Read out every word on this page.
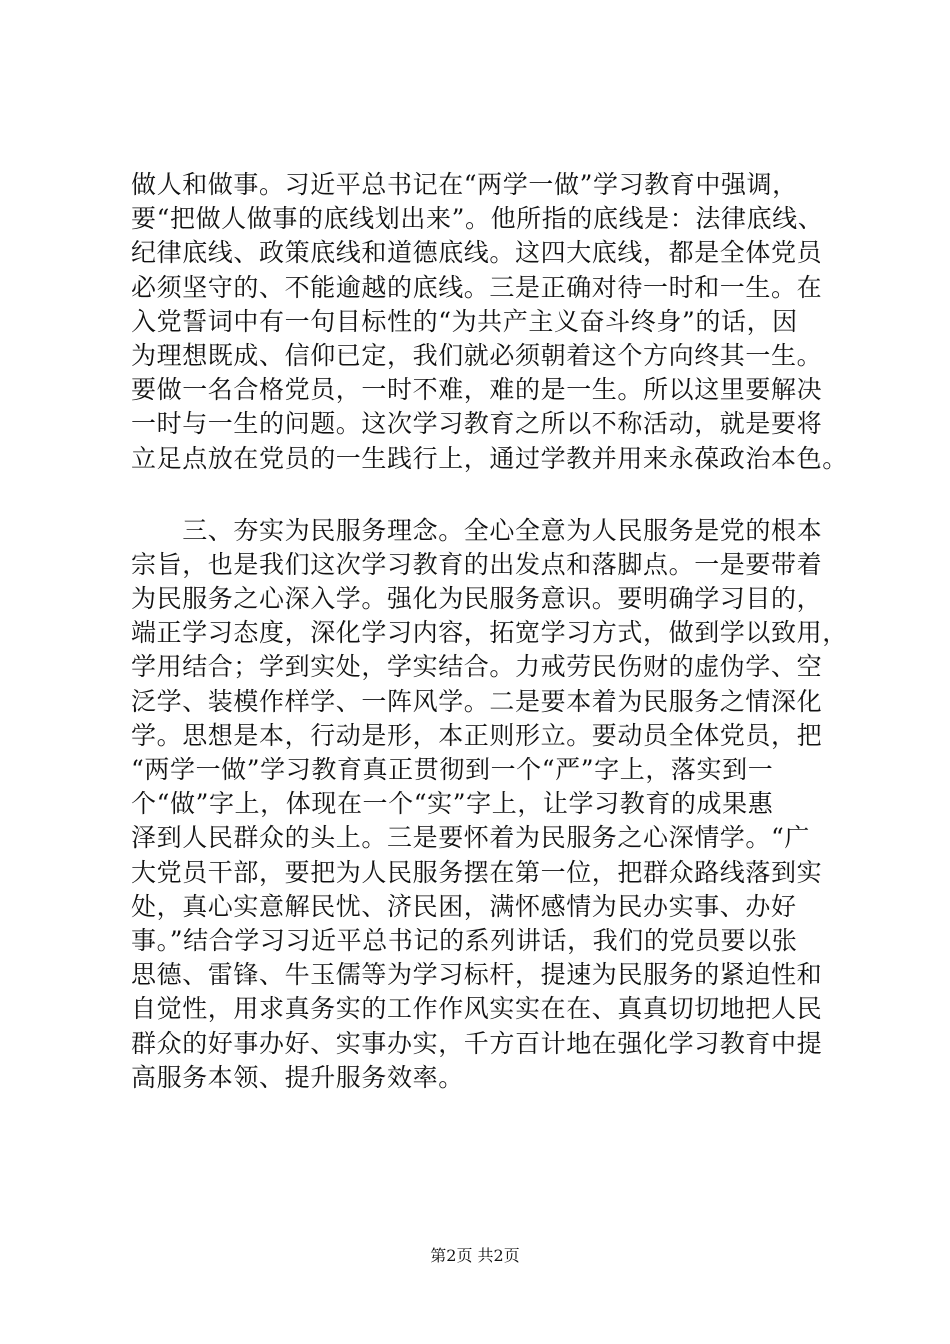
做人和做事。习近平总书记在“两学一做”学习教育中强调，
要“把做人做事的底线划出来”。他所指的底线是：法律底线、
纪律底线、政策底线和道德底线。这四大底线，都是全体党员
必须坚守的、不能逾越的底线。三是正确对待一时和一生。在
入党誓词中有一句目标性的“为共产主义奋斗终身”的话，因
为理想既成、信仰已定，我们就必须朝着这个方向终其一生。
要做一名合格党员，一时不难，难的是一生。所以这里要解决
一时与一生的问题。这次学习教育之所以不称活动，就是要将
立足点放在党员的一生践行上，通过学教并用来永葆政治本色。
　　三、夯实为民服务理念。全心全意为人民服务是党的根本
宗旨，也是我们这次学习教育的出发点和落脚点。一是要带着
为民服务之心深入学。强化为民服务意识。要明确学习目的，
端正学习态度，深化学习内容，拓宽学习方式，做到学以致用，
学用结合；学到实处，学实结合。力戒劳民伤财的虚伪学、空
泛学、装模作样学、一阵风学。二是要本着为民服务之情深化
学。思想是本，行动是形，本正则形立。要动员全体党员，把
“两学一做”学习教育真正贯彻到一个“严”字上，落实到一
个“做”字上，体现在一个“实”字上，让学习教育的成果惠
泽到人民群众的头上。三是要怀着为民服务之心深情学。“广
大党员干部，要把为人民服务摆在第一位，把群众路线落到实
处，真心实意解民忧、济民困，满怀感情为民办实事、办好
事。”结合学习习近平总书记的系列讲话，我们的党员要以张
思德、雷锋、牛玉儒等为学习标杆，提速为民服务的紧迫性和
自觉性，用求真务实的工作作风实实在在、真真切切地把人民
群众的好事办好、实事办实，千方百计地在强化学习教育中提
高服务本领、提升服务效率。
第2页 共2页
